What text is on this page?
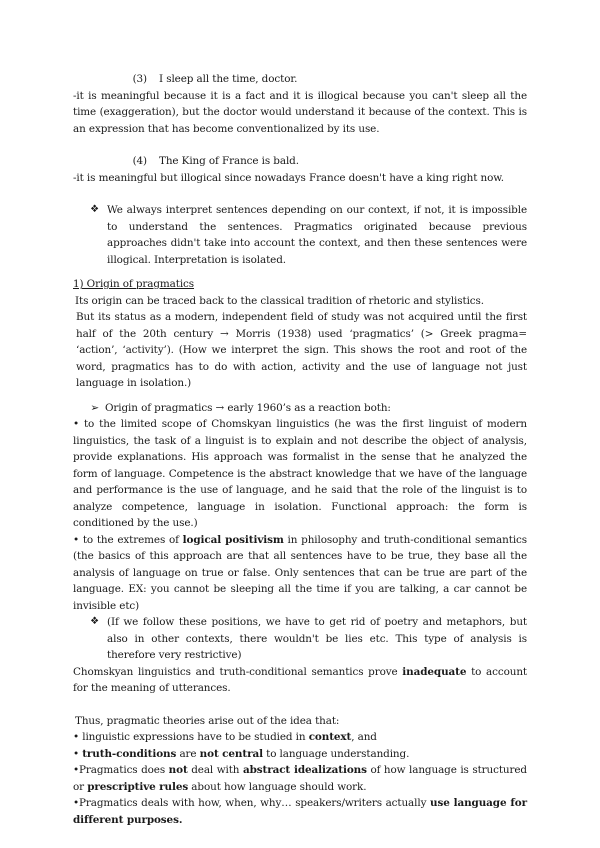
(3)	I sleep all the time, doctor.

-it is meaningful because it is a fact and it is illogical because you can't sleep all the time (exaggeration), but the doctor would understand it because of the context. This is an expression that has become conventionalized by its use.

(4)	The King of France is bald.

-it is meaningful but illogical since nowadays France doesn't have a king right now.

❖ We always interpret sentences depending on our context, if not, it is impossible to understand the sentences. Pragmatics originated because previous approaches didn't take into account the context, and then these sentences were illogical. Interpretation is isolated.

1) Origin of pragmatics

Its origin can be traced back to the classical tradition of rhetoric and stylistics.

But its status as a modern, independent field of study was not acquired until the first half of the 20th century → Morris (1938) used ‘pragmatics’ (> Greek pragma= ‘action’, ‘activity’). (How we interpret the sign. This shows the root and root of the word, pragmatics has to do with action, activity and the use of language not just language in isolation.)

➢ Origin of pragmatics → early 1960’s as a reaction both:

• to the limited scope of Chomskyan linguistics (he was the first linguist of modern linguistics, the task of a linguist is to explain and not describe the object of analysis, provide explanations. His approach was formalist in the sense that he analyzed the form of language. Competence is the abstract knowledge that we have of the language and performance is the use of language, and he said that the role of the linguist is to analyze competence, language in isolation. Functional approach: the form is conditioned by the use.)

• to the extremes of logical positivism in philosophy and truth-conditional semantics (the basics of this approach are that all sentences have to be true, they base all the analysis of language on true or false. Only sentences that can be true are part of the language. EX: you cannot be sleeping all the time if you are talking, a car cannot be invisible etc)

❖ (If we follow these positions, we have to get rid of poetry and metaphors, but also in other contexts, there wouldn't be lies etc. This type of analysis is therefore very restrictive)

Chomskyan linguistics and truth-conditional semantics prove inadequate to account for the meaning of utterances.

Thus, pragmatic theories arise out of the idea that:

• linguistic expressions have to be studied in context, and

• truth-conditions are not central to language understanding.

•Pragmatics does not deal with abstract idealizations of how language is structured or prescriptive rules about how language should work.

•Pragmatics deals with how, when, why… speakers/writers actually use language for different purposes.
